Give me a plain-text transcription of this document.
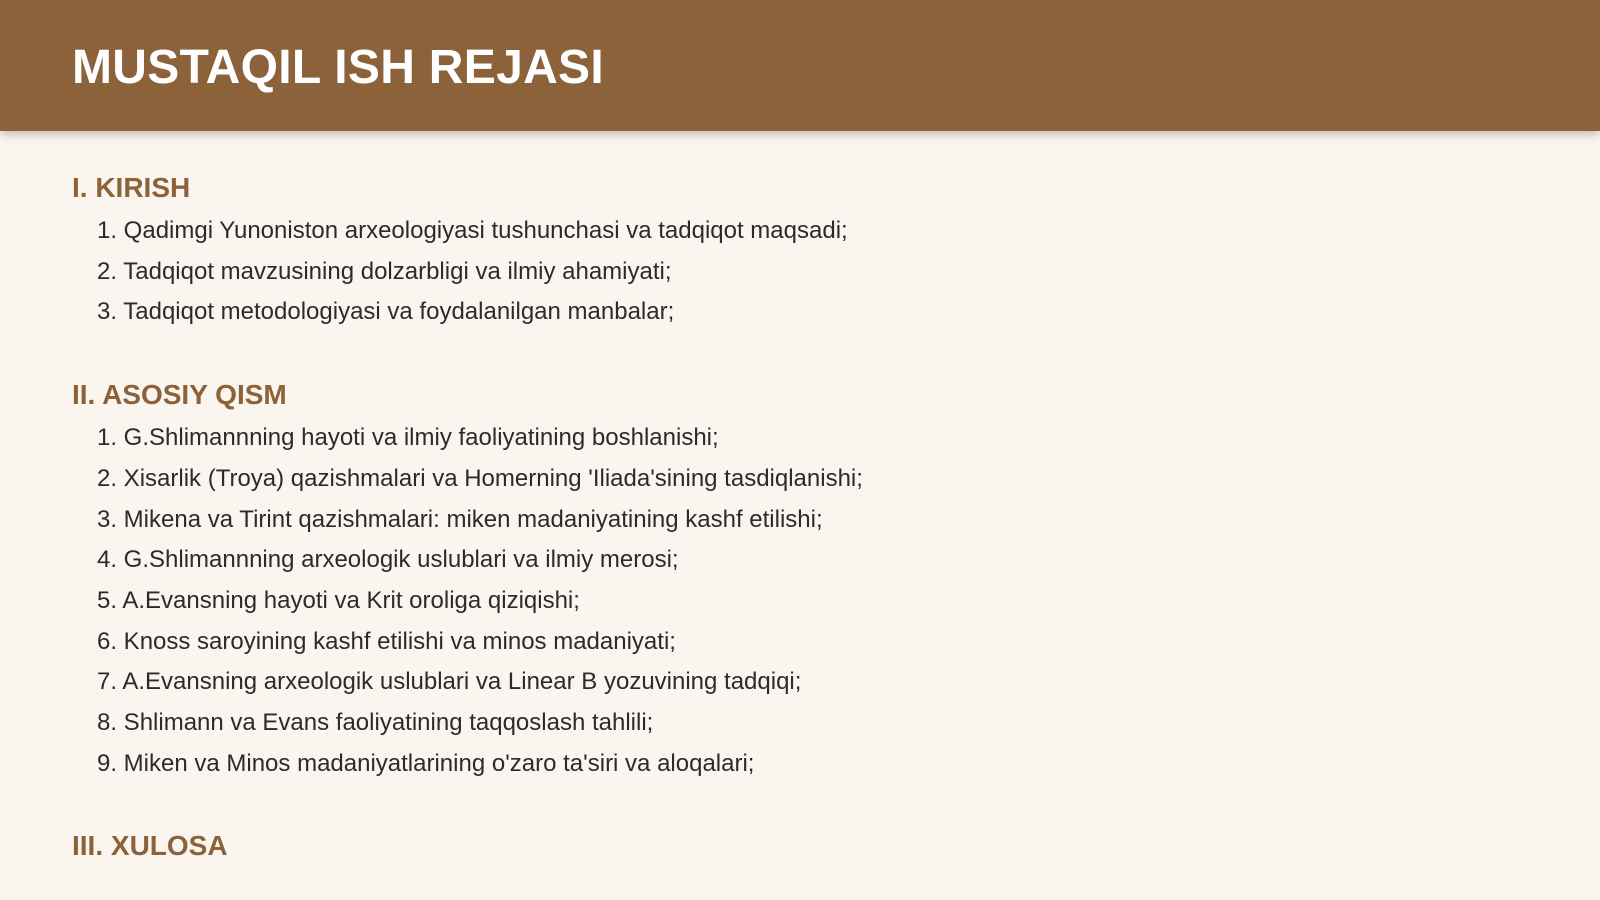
MUSTAQIL ISH REJASI
I. KIRISH
1. Qadimgi Yunoniston arxeologiyasi tushunchasi va tadqiqot maqsadi;
2. Tadqiqot mavzusining dolzarbligi va ilmiy ahamiyati;
3. Tadqiqot metodologiyasi va foydalanilgan manbalar;
II. ASOSIY QISM
1. G.Shlimannning hayoti va ilmiy faoliyatining boshlanishi;
2. Xisarlik (Troya) qazishmalari va Homerning 'Iliada'sining tasdiqlanishi;
3. Mikena va Tirint qazishmalari: miken madaniyatining kashf etilishi;
4. G.Shlimannning arxeologik uslublari va ilmiy merosi;
5. A.Evansning hayoti va Krit oroliga qiziqishi;
6. Knoss saroyining kashf etilishi va minos madaniyati;
7. A.Evansning arxeologik uslublari va Linear B yozuvining tadqiqi;
8. Shlimann va Evans faoliyatining taqqoslash tahlili;
9. Miken va Minos madaniyatlarining o'zaro ta'siri va aloqalari;
III. XULOSA
